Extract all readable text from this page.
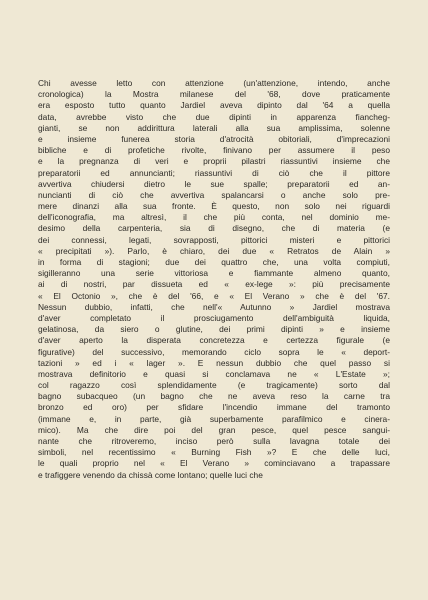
Chi avesse letto con attenzione (un'attenzione, intendo, anche
cronologica) la Mostra milanese del '68, dove praticamente
era esposto tutto quanto Jardiel aveva dipinto dal '64 a quella
data, avrebbe visto che due dipinti in apparenza fiancheg-
gianti, se non addirittura laterali alla sua amplissima, solenne
e insieme funerea storia d'atrocità obitoriali, d'imprecazioni
bibliche e di profetiche rivolte, finivano per assumere il peso
e la pregnanza di veri e proprii pilastri riassuntivi insieme che
preparatorii ed annuncianti; riassuntivi di ciò che il pittore
avvertiva chiudersi dietro le sue spalle; preparatorii ed an-
nuncianti di ciò che avvertiva spalancarsi o anche solo pre-
mere dinanzi alla sua fronte. È questo, non solo nei riguardi
dell'iconografia, ma altresì, il che più conta, nel dominio me-
desimo della carpenteria, sia di disegno, che di materia (e
dei connessi, legati, sovrapposti, pittorici misteri e pittorici
« precipitati »). Parlo, è chiaro, dei due « Retratos de Alain »
in forma di stagioni; due dei quattro che, una volta compiuti,
sigilleranno una serie vittoriosa e fiammante almeno quanto,
ai di nostri, par dissueta ed « ex-lege »: più precisamente
« El Octonio », che è del '66, e « El Verano » che è del '67.
Nessun dubbio, infatti, che nell'« Autunno » Jardiel mostrava
d'aver completato il prosciugamento dell'ambiguità liquida,
gelatinosa, da siero o glutine, dei primi dipinti » e insieme
d'aver aperto la disperata concretezza e certezza figurale (e
figurative) del successivo, memorando ciclo sopra le « deport-
tazioni » ed i « lager ». E nessun dubbio che quel passo si
mostrava definitorio e quasi si conclamava ne « L'Estate »;
col ragazzo così splendidamente (e tragicamente) sorto dal
bagno subacqueo (un bagno che ne aveva reso la carne tra
bronzo ed oro) per sfidare l'incendio immane del tramonto
(immane e, in parte, già superbamente parafilmico e cinera-
mico). Ma che dire poi del gran pesce, quel pesce sangui-
nante che ritroveremo, inciso però sulla lavagna totale dei
simboli, nel recentissimo « Burning Fish »? E che delle luci,
le quali proprio nel « El Verano » cominciavano a trapassare
e trafiggere venendo da chissà come lontano; quelle luci che
